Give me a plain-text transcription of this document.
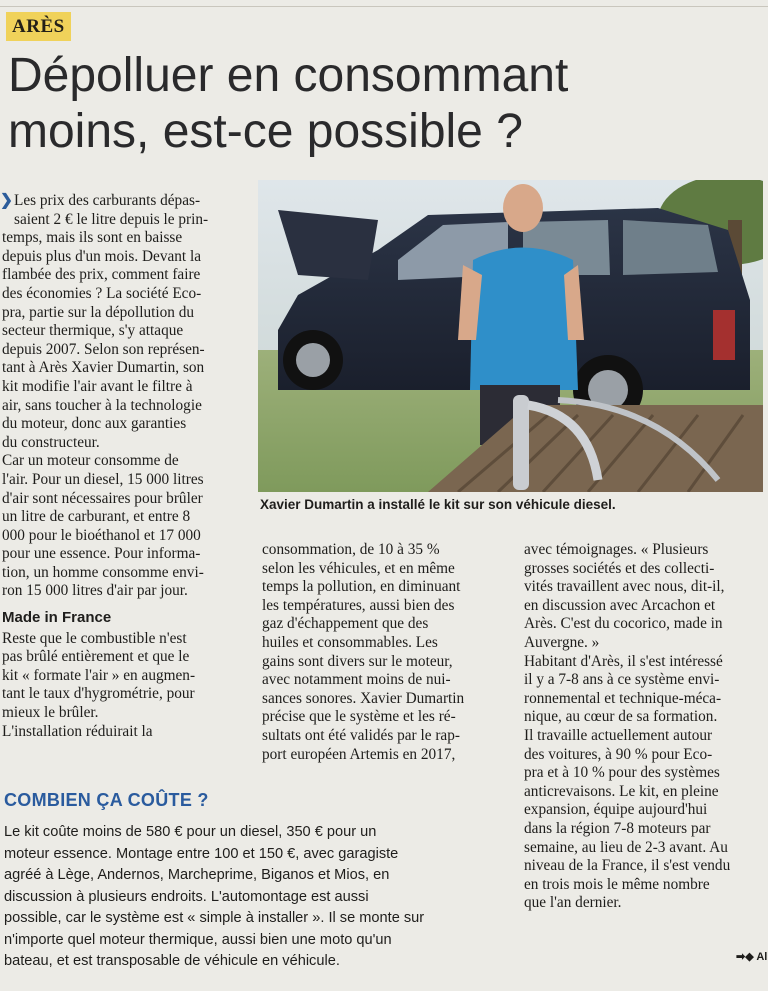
ARÈS
Dépolluer en consommant
moins, est-ce possible ?
❯ Les prix des carburants dépas-
saient 2 € le litre depuis le prin-
temps, mais ils sont en baisse
depuis plus d'un mois. Devant la
flambée des prix, comment faire
des économies ? La société Eco-
pra, partie sur la dépollution du
secteur thermique, s'y attaque
depuis 2007. Selon son représen-
tant à Arès Xavier Dumartin, son
kit modifie l'air avant le filtre à
air, sans toucher à la technologie
du moteur, donc aux garanties
du constructeur.
Car un moteur consomme de
l'air. Pour un diesel, 15 000 litres
d'air sont nécessaires pour brûler
un litre de carburant, et entre 8
000 pour le bioéthanol et 17 000
pour une essence. Pour informa-
tion, un homme consomme envi-
ron 15 000 litres d'air par jour.
Made in France
Reste que le combustible n'est
pas brûlé entièrement et que le
kit « formate l'air » en augmen-
tant le taux d'hygrométrie, pour
mieux le brûler.
L'installation réduirait la
Xavier Dumartin a installé le kit sur son véhicule diesel.
consommation, de 10 à 35 %
selon les véhicules, et en même
temps la pollution, en diminuant
les températures, aussi bien des
gaz d'échappement que des
huiles et consommables. Les
gains sont divers sur le moteur,
avec notamment moins de nui-
sances sonores. Xavier Dumartin
précise que le système et les ré-
sultats ont été validés par le rap-
port européen Artemis en 2017,
avec témoignages. « Plusieurs
grosses sociétés et des collecti-
vités travaillent avec nous, dit-il,
en discussion avec Arcachon et
Arès. C'est du cocorico, made in
Auvergne. »
Habitant d'Arès, il s'est intéressé
il y a 7-8 ans à ce système envi-
ronnemental et technique-méca-
nique, au cœur de sa formation.
Il travaille actuellement autour
des voitures, à 90 % pour Eco-
pra et à 10 % pour des systèmes
anticrevaisons. Le kit, en pleine
expansion, équipe aujourd'hui
dans la région 7-8 moteurs par
semaine, au lieu de 2-3 avant. Au
niveau de la France, il s'est vendu
en trois mois le même nombre
que l'an dernier.
COMBIEN ÇA COÛTE ?
Le kit coûte moins de 580 € pour un diesel, 350 € pour un
moteur essence. Montage entre 100 et 150 €, avec garagiste
agréé à Lège, Andernos, Marcheprime, Biganos et Mios, en
discussion à plusieurs endroits. L'automontage est aussi
possible, car le système est « simple à installer ». Il se monte sur
n'importe quel moteur thermique, aussi bien une moto qu'un
bateau, et est transposable de véhicule en véhicule.	➡◆ Al
